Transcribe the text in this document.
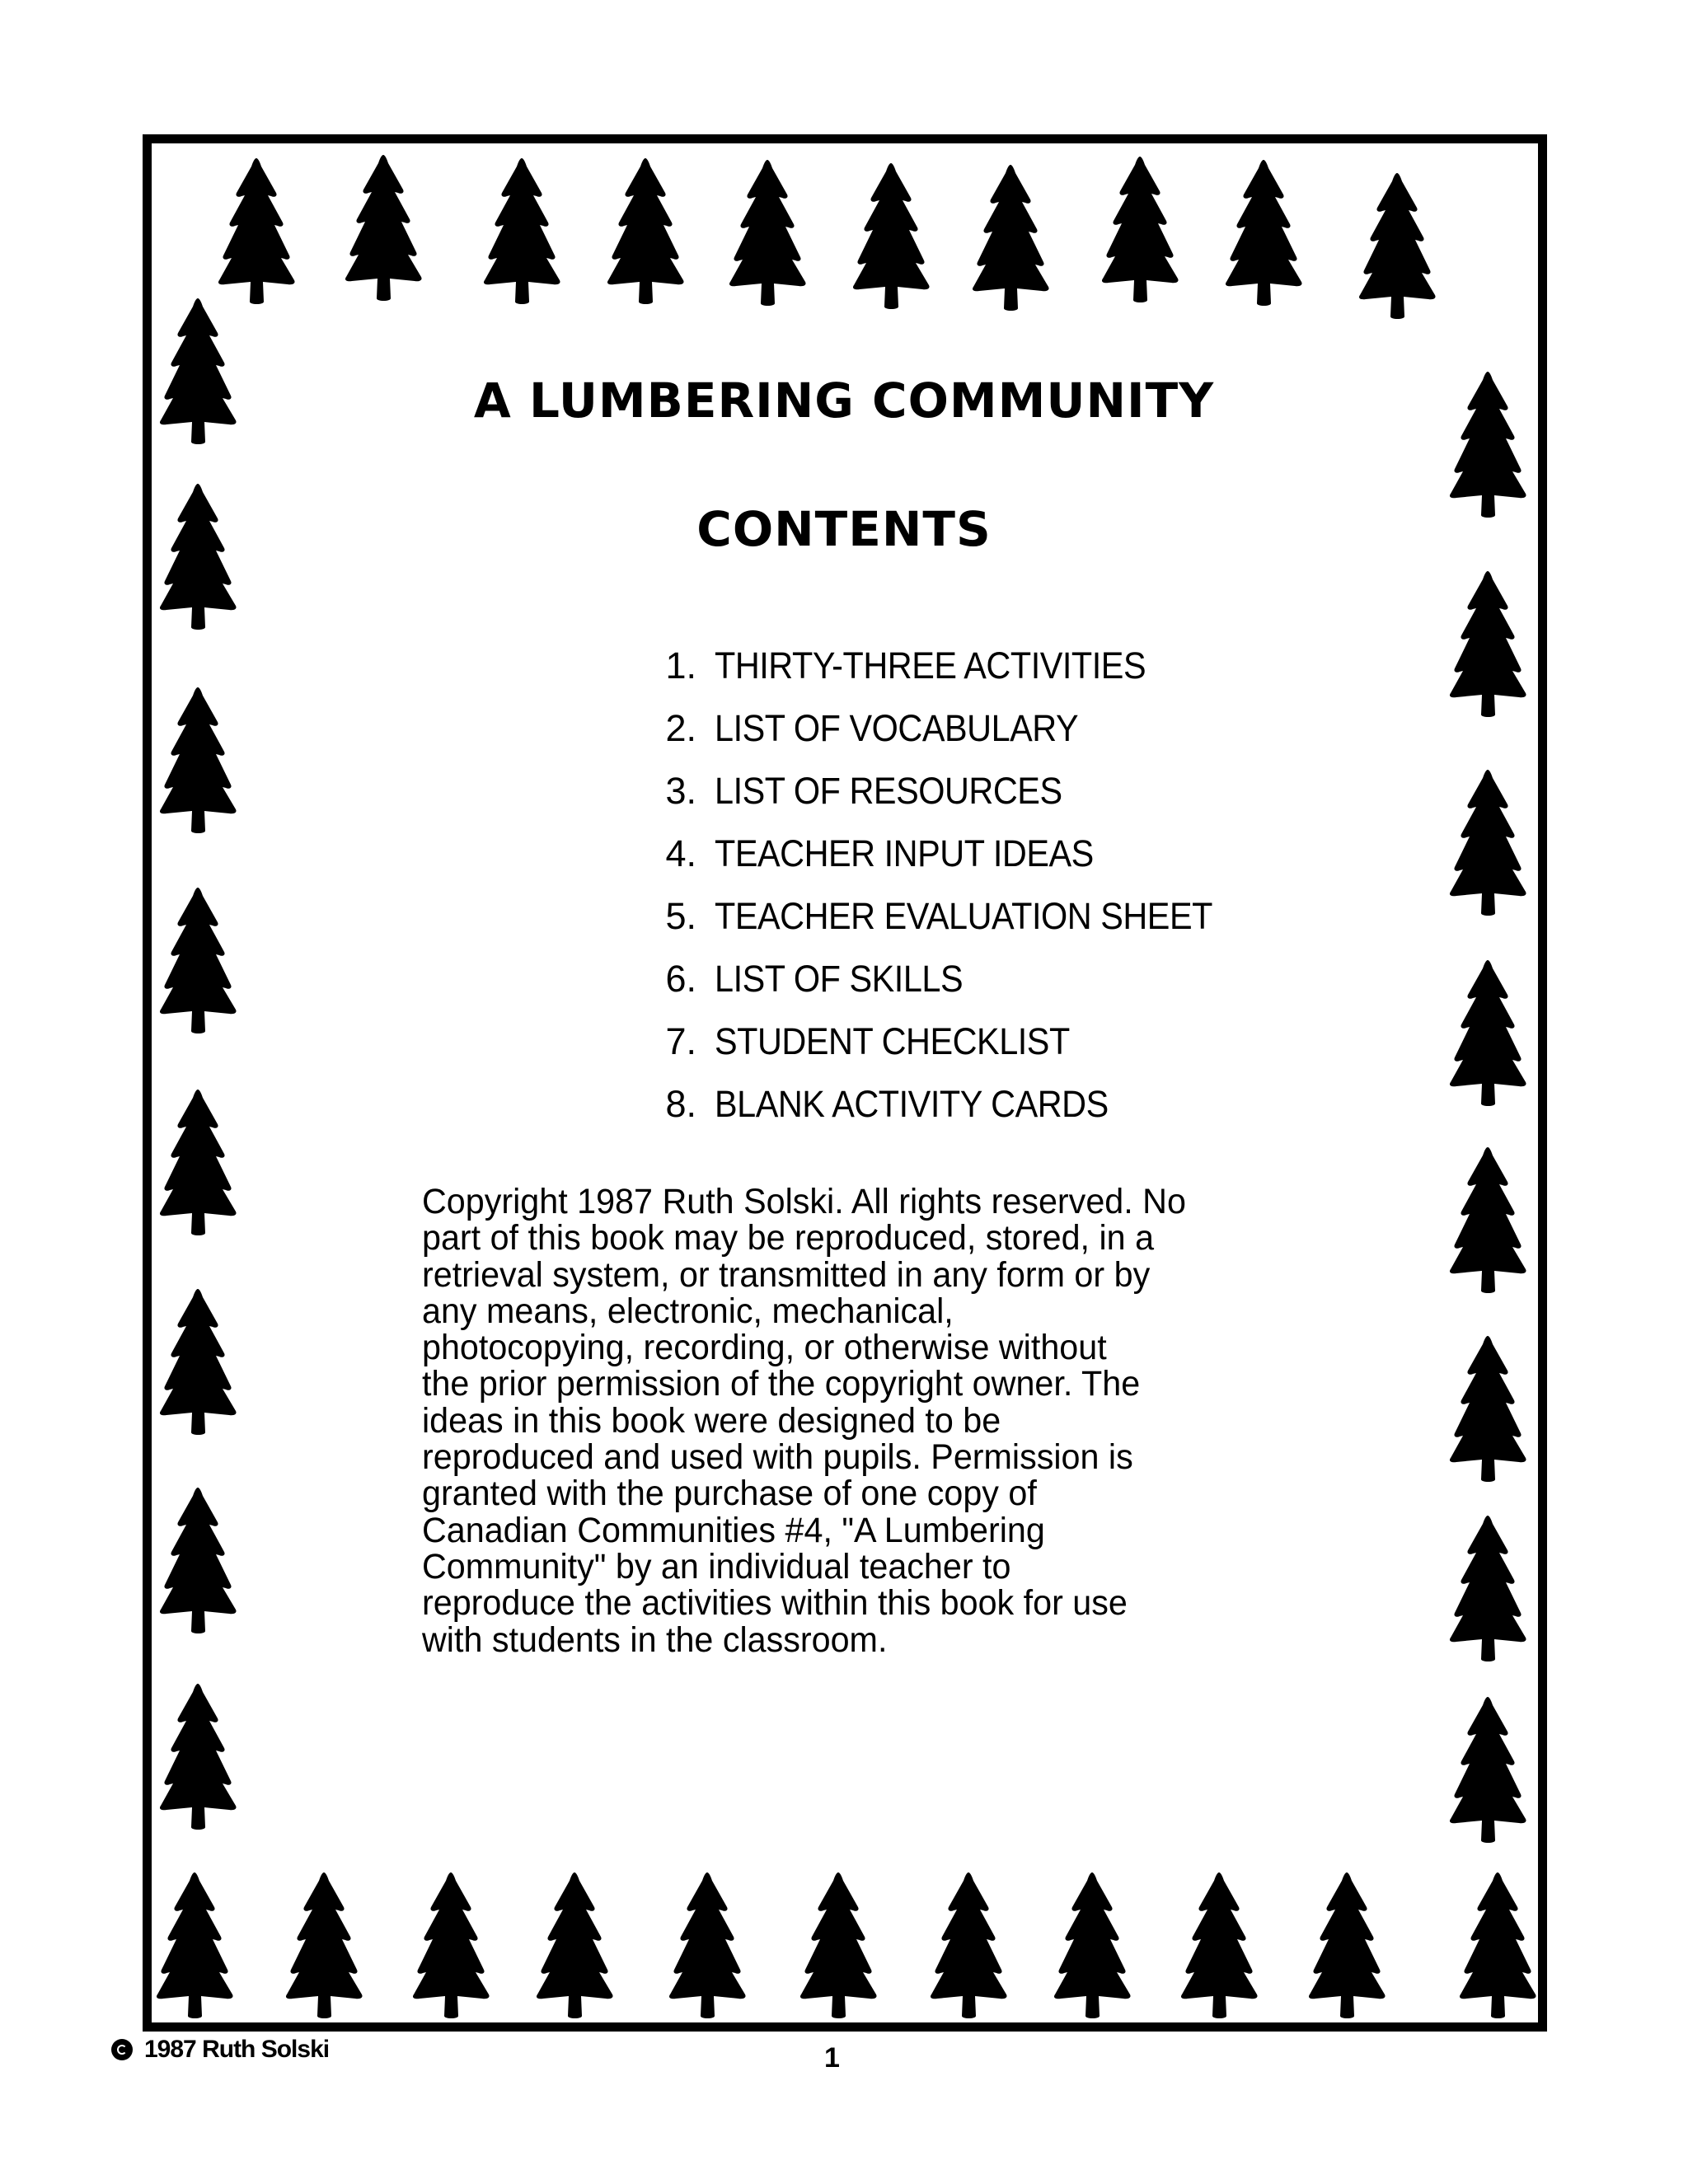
A LUMBERING COMMUNITY
CONTENTS
1. THIRTY-THREE ACTIVITIES
2. LIST OF VOCABULARY
3. LIST OF RESOURCES
4. TEACHER INPUT IDEAS
5. TEACHER EVALUATION SHEET
6. LIST OF SKILLS
7. STUDENT CHECKLIST
8. BLANK ACTIVITY CARDS
Copyright 1987 Ruth Solski. All rights reserved. No
part of this book may be reproduced, stored, in a
retrieval system, or transmitted in any form or by
any means, electronic, mechanical,
photocopying, recording, or otherwise without
the prior permission of the copyright owner. The
ideas in this book were designed to be
reproduced and used with pupils. Permission is
granted with the purchase of one copy of
Canadian Communities #4, "A Lumbering
Community" by an individual teacher to
reproduce the activities within this book for use
with students in the classroom.
1987 Ruth Solski	1
